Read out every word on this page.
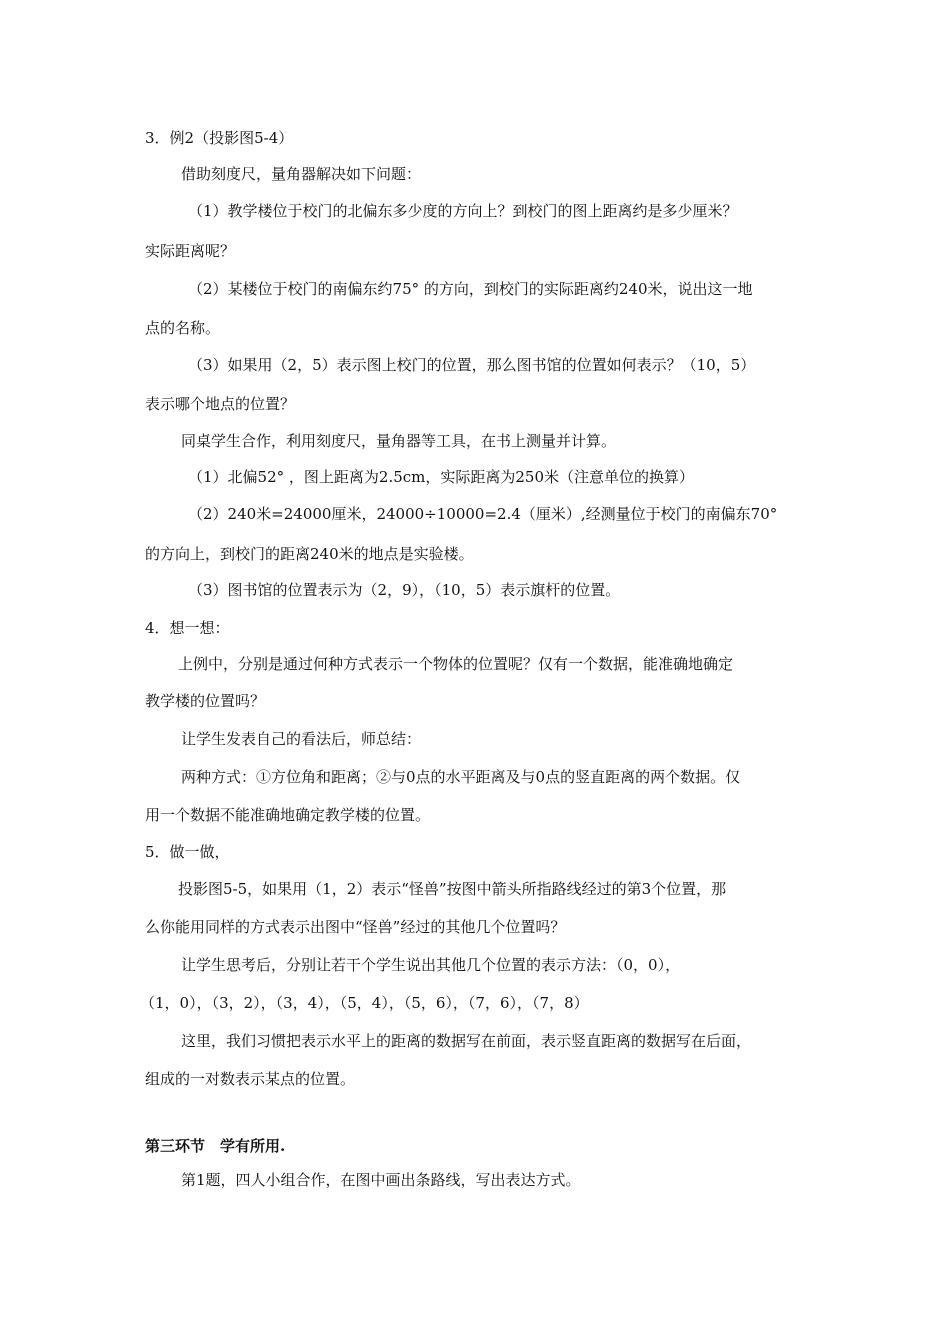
3．例2（投影图5-4）
借助刻度尺，量角器解决如下问题：
（1）教学楼位于校门的北偏东多少度的方向上？到校门的图上距离约是多少厘米？
实际距离呢？
（2）某楼位于校门的南偏东约75° 的方向，到校门的实际距离约240米，说出这一地
点的名称。
（3）如果用（2，5）表示图上校门的位置，那么图书馆的位置如何表示？（10，5）
表示哪个地点的位置？
同桌学生合作，利用刻度尺，量角器等工具，在书上测量并计算。
（1）北偏52° ，图上距离为2.5cm，实际距离为250米（注意单位的换算）
（2）240米=24000厘米，24000÷10000=2.4（厘米）,经测量位于校门的南偏东70°
的方向上，到校门的距离240米的地点是实验楼。
（3）图书馆的位置表示为（2，9），（10，5）表示旗杆的位置。
4．想一想：
上例中，分别是通过何种方式表示一个物体的位置呢？仅有一个数据，能准确地确定
教学楼的位置吗？
让学生发表自己的看法后，师总结：
两种方式：①方位角和距离；②与0点的水平距离及与0点的竖直距离的两个数据。仅
用一个数据不能准确地确定教学楼的位置。
5．做一做，
投影图5-5，如果用（1，2）表示“怪兽”按图中箭头所指路线经过的第3个位置，那
么你能用同样的方式表示出图中“怪兽”经过的其他几个位置吗？
让学生思考后，分别让若干个学生说出其他几个位置的表示方法：（0，0），
（1，0），（3，2），（3，4），（5，4），（5，6），（7，6），（7，8）
这里，我们习惯把表示水平上的距离的数据写在前面，表示竖直距离的数据写在后面，
组成的一对数表示某点的位置。
第三环节　学有所用.
第1题，四人小组合作，在图中画出条路线，写出表达方式。
